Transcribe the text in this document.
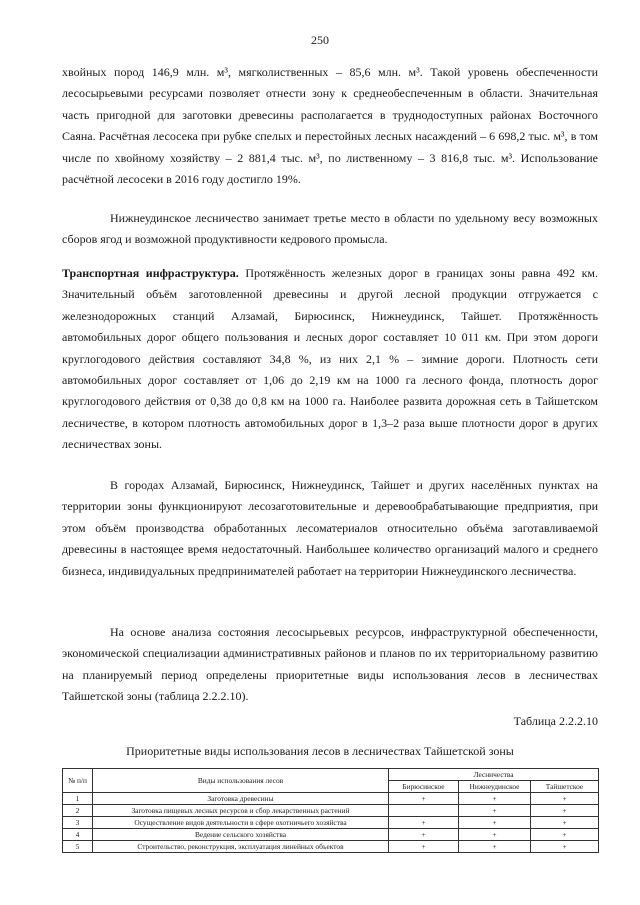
250

хвойных пород 146,9 млн. м³, мягколиственных – 85,6 млн. м³. Такой уровень обеспеченности лесосырьевыми ресурсами позволяет отнести зону к среднеобеспеченным в области. Значительная часть пригодной для заготовки древесины располагается в труднодоступных районах Восточного Саяна. Расчётная лесосека при рубке спелых и перестойных лесных насаждений – 6 698,2 тыс. м³, в том числе по хвойному хозяйству – 2 881,4 тыс. м³, по лиственному – 3 816,8 тыс. м³. Использование расчётной лесосеки в 2016 году достигло 19%.

Нижнеудинское лесничество занимает третье место в области по удельному весу возможных сборов ягод и возможной продуктивности кедрового промысла.

Транспортная инфраструктура. Протяжённость железных дорог в границах зоны равна 492 км. Значительный объём заготовленной древесины и другой лесной продукции отгружается с железнодорожных станций Алзамай, Бирюсинск, Нижнеудинск, Тайшет. Протяжённость автомобильных дорог общего пользования и лесных дорог составляет 10 011 км. При этом дороги круглогодового действия составляют 34,8 %, из них 2,1 % – зимние дороги. Плотность сети автомобильных дорог составляет от 1,06 до 2,19 км на 1000 га лесного фонда, плотность дорог круглогодового действия от 0,38 до 0,8 км на 1000 га. Наиболее развита дорожная сеть в Тайшетском лесничестве, в котором плотность автомобильных дорог в 1,3–2 раза выше плотности дорог в других лесничествах зоны.

В городах Алзамай, Бирюсинск, Нижнеудинск, Тайшет и других населённых пунктах на территории зоны функционируют лесозаготовительные и деревообрабатывающие предприятия, при этом объём производства обработанных лесоматериалов относительно объёма заготавливаемой древесины в настоящее время недостаточный. Наибольшее количество организаций малого и среднего бизнеса, индивидуальных предпринимателей работает на территории Нижнеудинского лесничества.

На основе анализа состояния лесосырьевых ресурсов, инфраструктурной обеспеченности, экономической специализации административных районов и планов по их территориальному развитию на планируемый период определены приоритетные виды использования лесов в лесничествах Тайшетской зоны (таблица 2.2.2.10).

Таблица 2.2.2.10
Приоритетные виды использования лесов в лесничествах Тайшетской зоны
№ п/п	Виды использования лесов	Лесничества		
		Бирюсинское	Нижнеудинское	Тайшетское
1	Заготовка древесины	+	+	+
2	Заготовка пищевых лесных ресурсов и сбор лекарственных растений		+	+
3	Осуществление видов деятельности в сфере охотничьего хозяйства	+	+	+
4	Ведение сельского хозяйства	+	+	+
5	Строительство, реконструкция, эксплуатация линейных объектов	+	+	+
